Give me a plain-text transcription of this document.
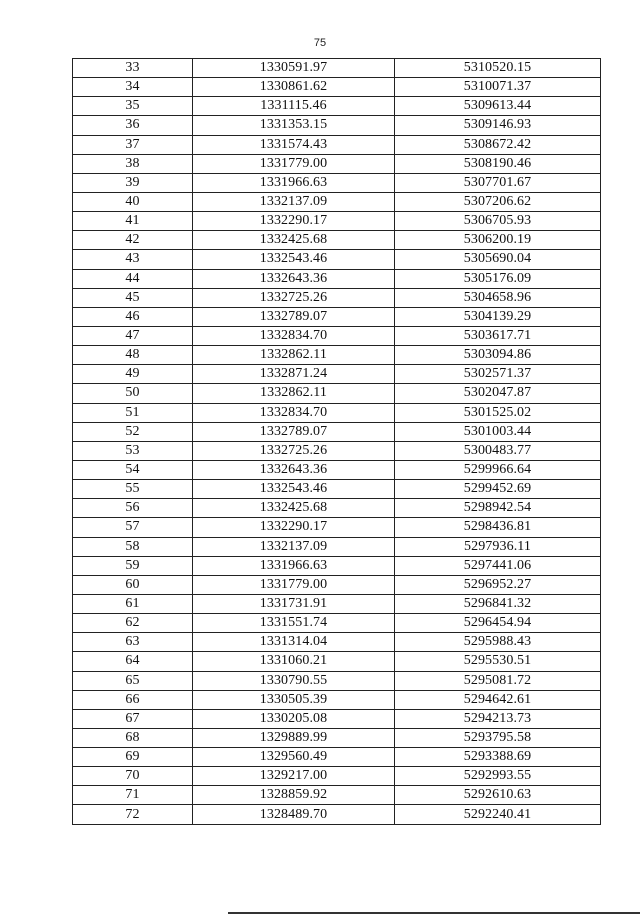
75
33	1330591.97	5310520.15
34	1330861.62	5310071.37
35	1331115.46	5309613.44
36	1331353.15	5309146.93
37	1331574.43	5308672.42
38	1331779.00	5308190.46
39	1331966.63	5307701.67
40	1332137.09	5307206.62
41	1332290.17	5306705.93
42	1332425.68	5306200.19
43	1332543.46	5305690.04
44	1332643.36	5305176.09
45	1332725.26	5304658.96
46	1332789.07	5304139.29
47	1332834.70	5303617.71
48	1332862.11	5303094.86
49	1332871.24	5302571.37
50	1332862.11	5302047.87
51	1332834.70	5301525.02
52	1332789.07	5301003.44
53	1332725.26	5300483.77
54	1332643.36	5299966.64
55	1332543.46	5299452.69
56	1332425.68	5298942.54
57	1332290.17	5298436.81
58	1332137.09	5297936.11
59	1331966.63	5297441.06
60	1331779.00	5296952.27
61	1331731.91	5296841.32
62	1331551.74	5296454.94
63	1331314.04	5295988.43
64	1331060.21	5295530.51
65	1330790.55	5295081.72
66	1330505.39	5294642.61
67	1330205.08	5294213.73
68	1329889.99	5293795.58
69	1329560.49	5293388.69
70	1329217.00	5292993.55
71	1328859.92	5292610.63
72	1328489.70	5292240.41
